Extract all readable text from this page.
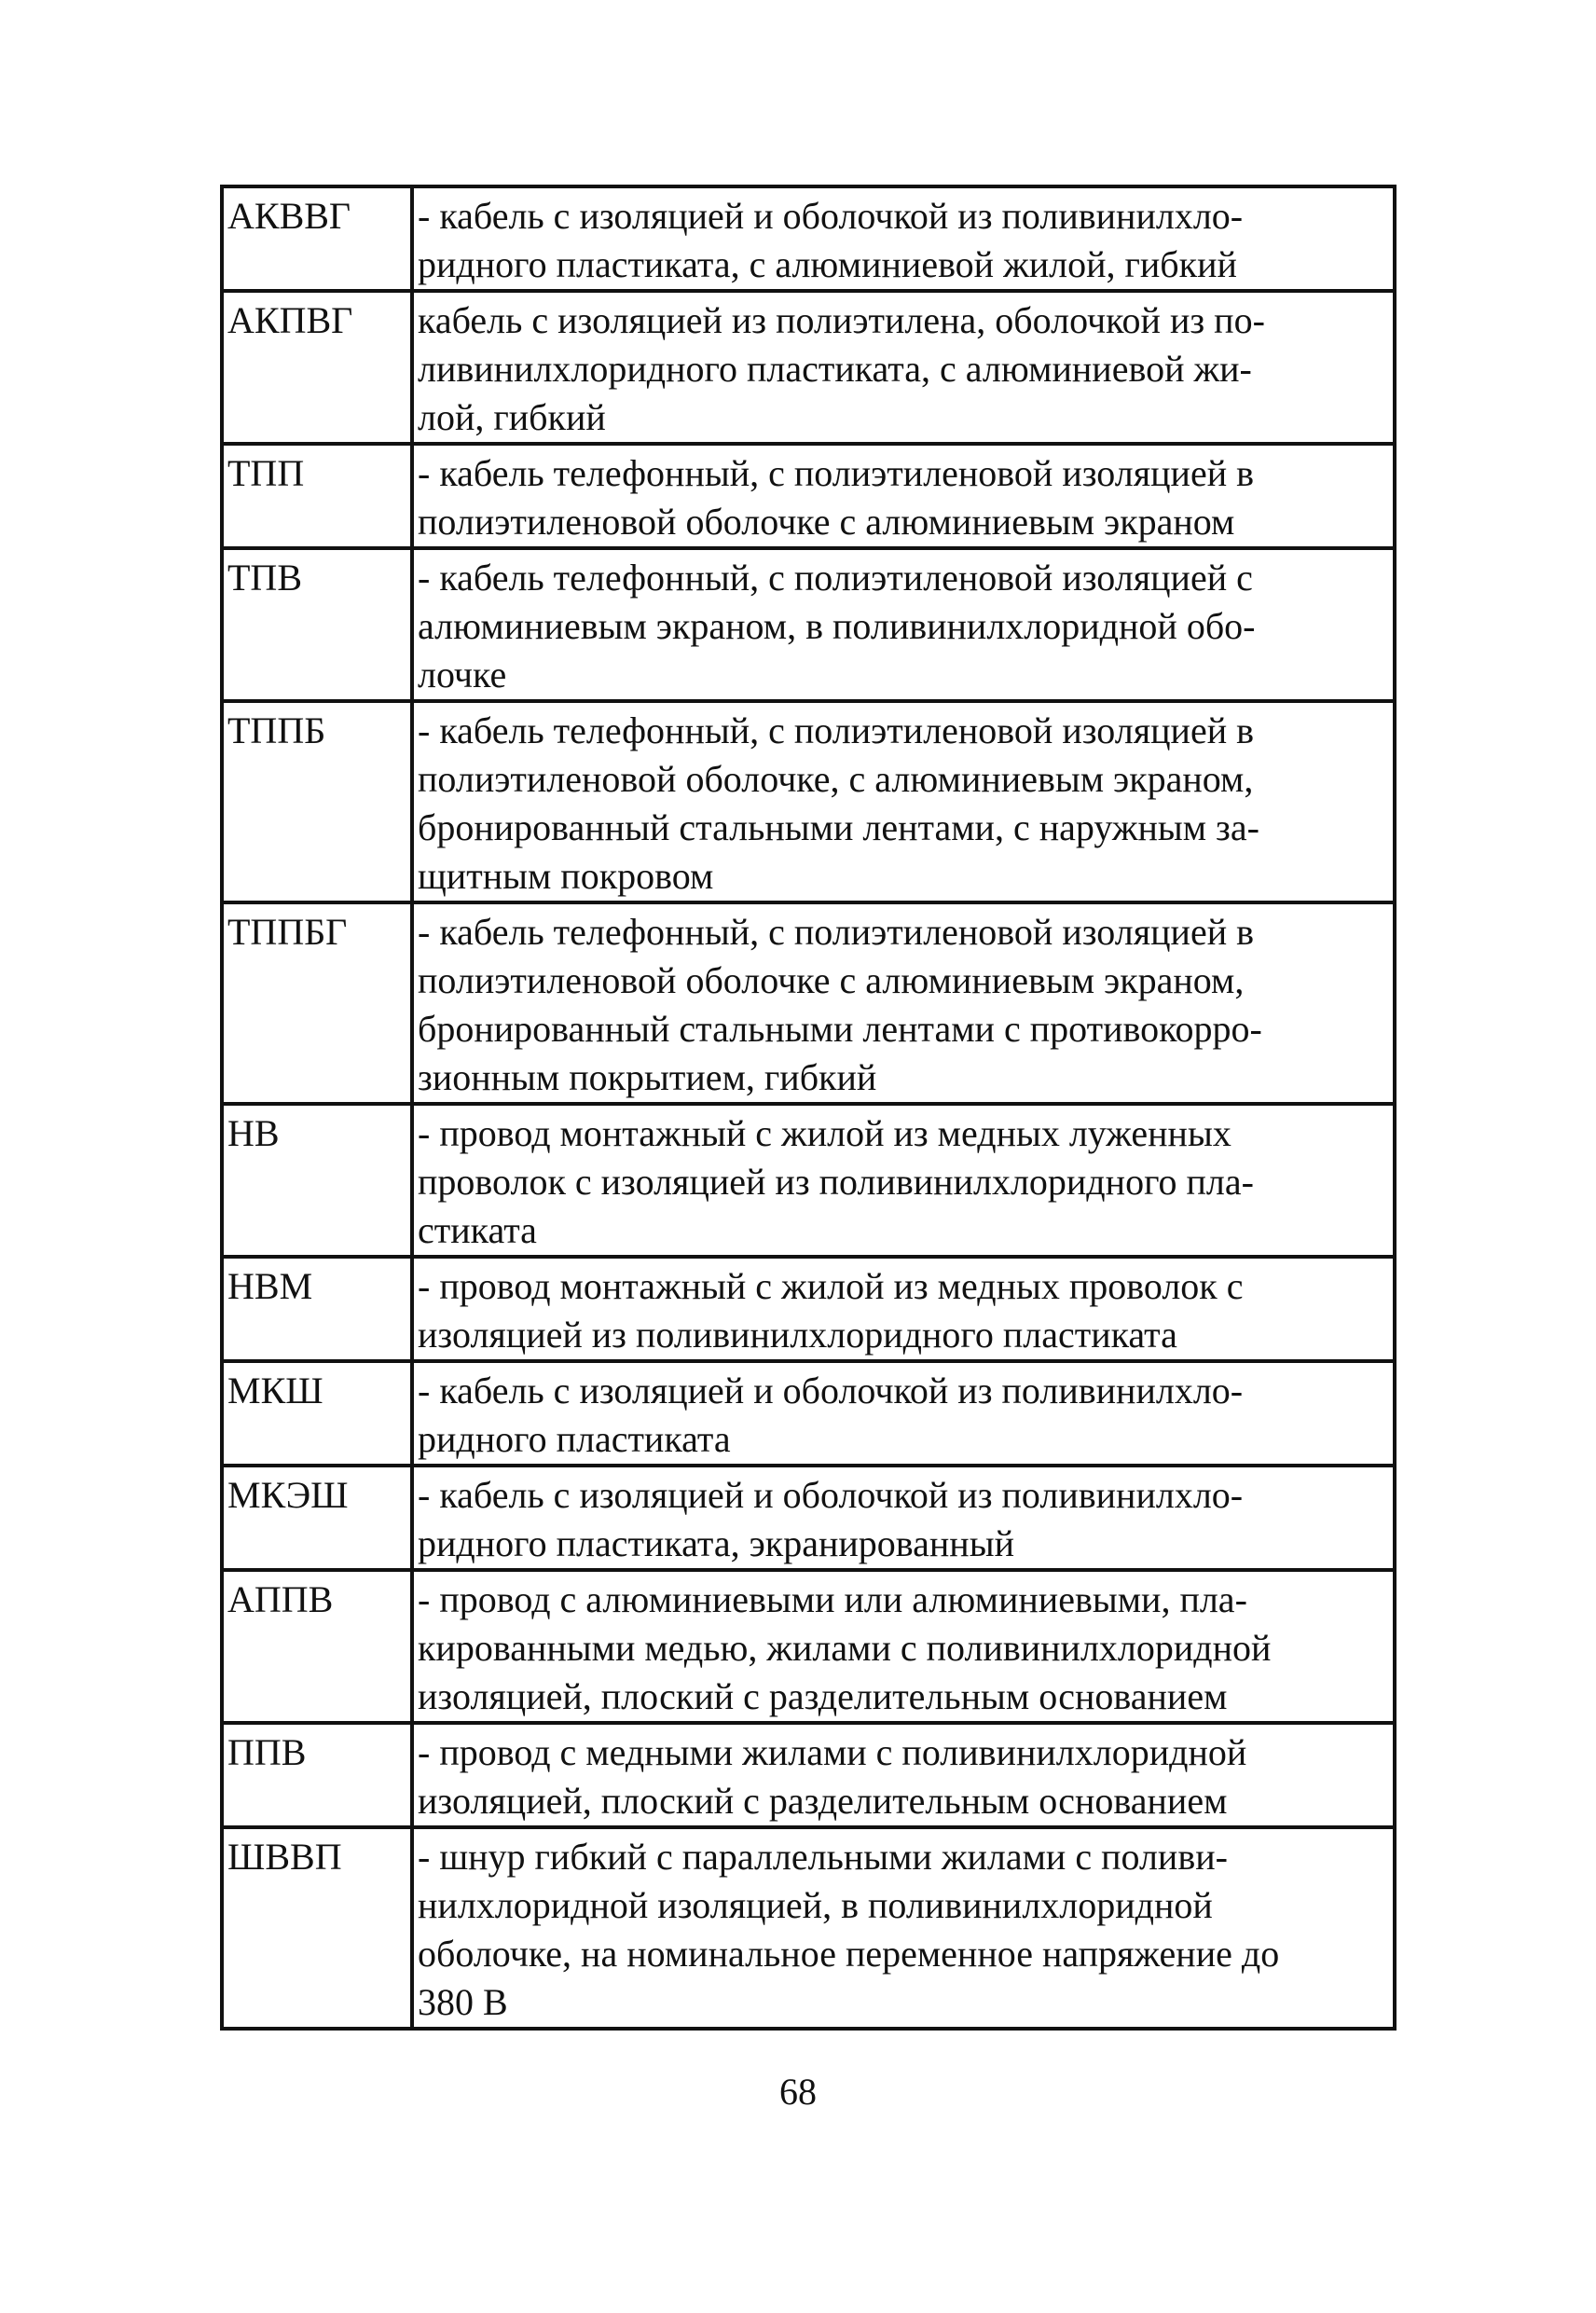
АКВВГ	- кабель с изоляцией и оболочкой из поливинилхло-
ридного пластиката, с алюминиевой жилой, гибкий

АКПВГ	кабель с изоляцией из полиэтилена, оболочкой из по-
ливинилхлоридного пластиката, с алюминиевой жи-
лой, гибкий

ТПП	- кабель телефонный, с полиэтиленовой изоляцией в
полиэтиленовой оболочке с алюминиевым экраном

ТПВ	- кабель телефонный, с полиэтиленовой изоляцией с
алюминиевым экраном, в поливинилхлоридной обо-
лочке

ТППБ	- кабель телефонный, с полиэтиленовой изоляцией в
полиэтиленовой оболочке, с алюминиевым экраном,
бронированный стальными лентами, с наружным за-
щитным покровом

ТППБГ	- кабель телефонный, с полиэтиленовой изоляцией в
полиэтиленовой оболочке с алюминиевым экраном,
бронированный стальными лентами с противокорро-
зионным покрытием, гибкий

НВ	- провод монтажный с жилой из медных луженных
проволок с изоляцией из поливинилхлоридного пла-
стиката

НВМ	- провод монтажный с жилой из медных проволок с
изоляцией из поливинилхлоридного пластиката

МКШ	- кабель с изоляцией и оболочкой из поливинилхло-
ридного пластиката

МКЭШ	- кабель с изоляцией и оболочкой из поливинилхло-
ридного пластиката, экранированный

АППВ	- провод с алюминиевыми или алюминиевыми, пла-
кированными медью, жилами с поливинилхлоридной
изоляцией, плоский с разделительным основанием

ППВ	- провод с медными жилами с поливинилхлоридной
изоляцией, плоский с разделительным основанием

ШВВП	- шнур гибкий с параллельными жилами с поливи-
нилхлоридной изоляцией, в поливинилхлоридной
оболочке, на номинальное переменное напряжение до
380 В
68
